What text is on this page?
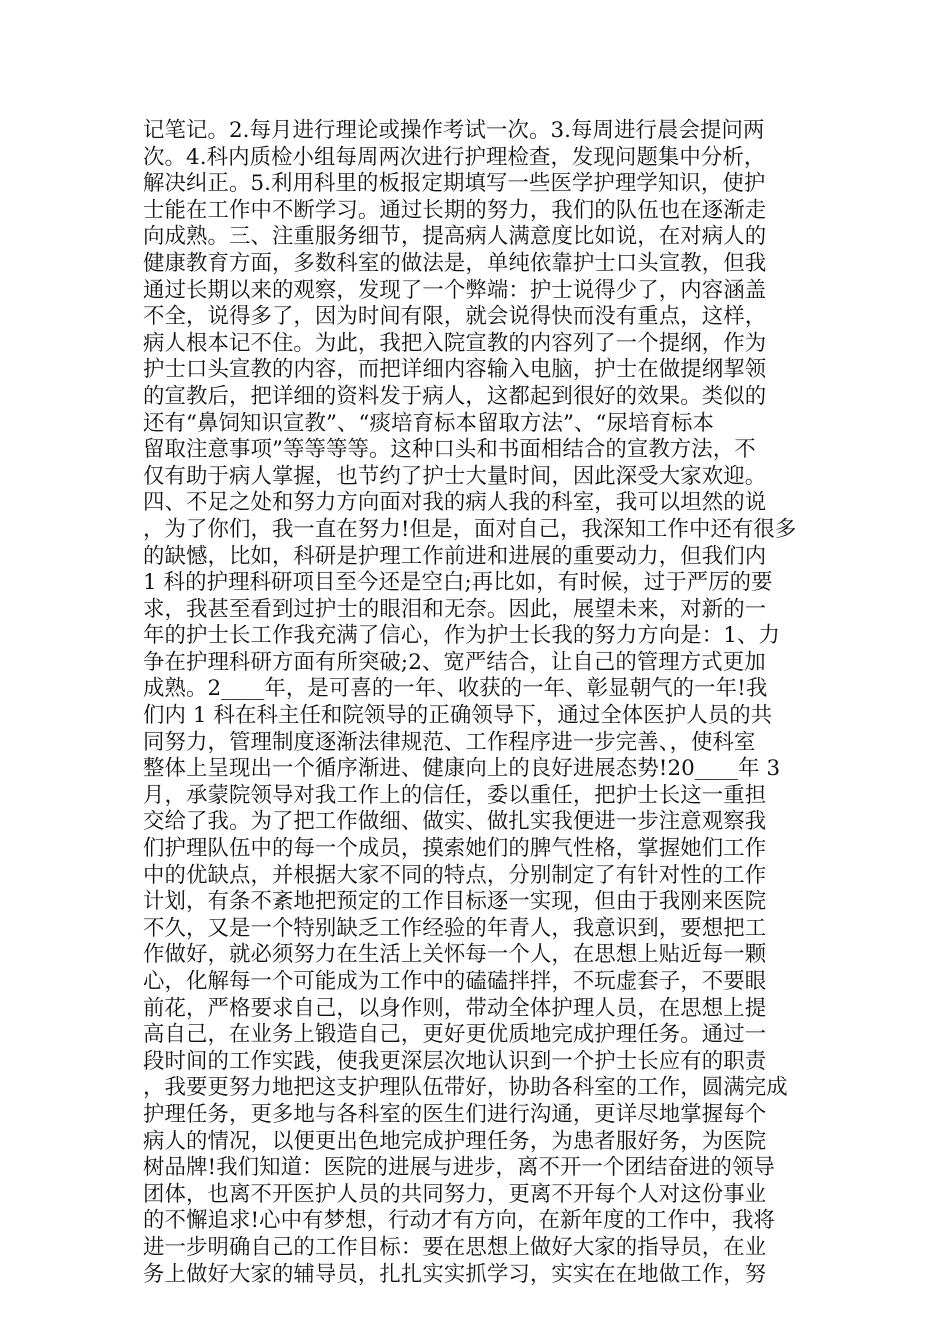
记笔记。2.每月进行理论或操作考试一次。3.每周进行晨会提问两
次。4.科内质检小组每周两次进行护理检查，发现问题集中分析，
解决纠正。5.利用科里的板报定期填写一些医学护理学知识，使护
士能在工作中不断学习。通过长期的努力，我们的队伍也在逐渐走
向成熟。三、注重服务细节，提高病人满意度比如说，在对病人的
健康教育方面，多数科室的做法是，单纯依靠护士口头宣教，但我
通过长期以来的观察，发现了一个弊端：护士说得少了，内容涵盖
不全，说得多了，因为时间有限，就会说得快而没有重点，这样，
病人根本记不住。为此，我把入院宣教的内容列了一个提纲，作为
护士口头宣教的内容，而把详细内容输入电脑，护士在做提纲挈领
的宣教后，把详细的资料发于病人，这都起到很好的效果。类似的
还有“鼻饲知识宣教”、“痰培育标本留取方法”、“尿培育标本
留取注意事项”等等等等。这种口头和书面相结合的宣教方法，不
仅有助于病人掌握，也节约了护士大量时间，因此深受大家欢迎。
四、不足之处和努力方向面对我的病人我的科室，我可以坦然的说
，为了你们，我一直在努力!但是，面对自己，我深知工作中还有很多
的缺憾，比如，科研是护理工作前进和进展的重要动力，但我们内
1 科的护理科研项目至今还是空白;再比如，有时候，过于严厉的要
求，我甚至看到过护士的眼泪和无奈。因此，展望未来，对新的一
年的护士长工作我充满了信心，作为护士长我的努力方向是：1、力
争在护理科研方面有所突破;2、宽严结合，让自己的管理方式更加
成熟。2____年，是可喜的一年、收获的一年、彰显朝气的一年!我
们内 1 科在科主任和院领导的正确领导下，通过全体医护人员的共
同努力，管理制度逐渐法律规范、工作程序进一步完善、，使科室
整体上呈现出一个循序渐进、健康向上的良好进展态势!20____年 3
月，承蒙院领导对我工作上的信任，委以重任，把护士长这一重担
交给了我。为了把工作做细、做实、做扎实我便进一步注意观察我
们护理队伍中的每一个成员，摸索她们的脾气性格，掌握她们工作
中的优缺点，并根据大家不同的特点，分别制定了有针对性的工作
计划，有条不紊地把预定的工作目标逐一实现，但由于我刚来医院
不久，又是一个特别缺乏工作经验的年青人，我意识到，要想把工
作做好，就必须努力在生活上关怀每一个人，在思想上贴近每一颗
心，化解每一个可能成为工作中的磕磕拌拌，不玩虚套子，不要眼
前花，严格要求自己，以身作则，带动全体护理人员，在思想上提
高自己，在业务上锻造自己，更好更优质地完成护理任务。通过一
段时间的工作实践，使我更深层次地认识到一个护士长应有的职责
，我要更努力地把这支护理队伍带好，协助各科室的工作，圆满完成
护理任务，更多地与各科室的医生们进行沟通，更详尽地掌握每个
病人的情况，以便更出色地完成护理任务，为患者服好务，为医院
树品牌!我们知道：医院的进展与进步，离不开一个团结奋进的领导
团体，也离不开医护人员的共同努力，更离不开每个人对这份事业
的不懈追求!心中有梦想，行动才有方向，在新年度的工作中，我将
进一步明确自己的工作目标：要在思想上做好大家的指导员，在业
务上做好大家的辅导员，扎扎实实抓学习，实实在在地做工作，努
